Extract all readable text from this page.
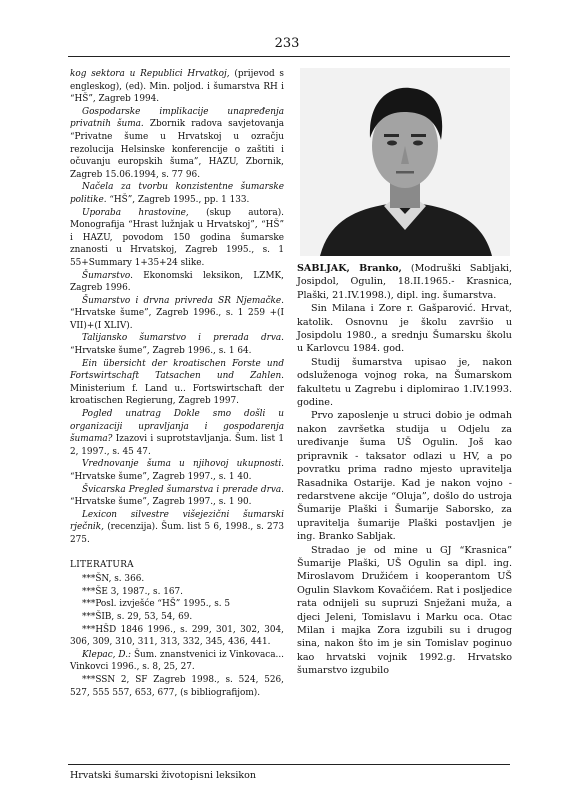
233

kog sektora u Republici Hrvatkoj, (prijevod s engleskog), (ed). Min. poljod. i šumarstva RH i “HŠ”, Zagreb 1994.

Gospodarske implikacije unapređenja privatnih šuma. Zbornik radova savjetovanja “Privatne šume u Hrvatskoj u ozračju rezolucija Helsinske konferencije o zaštiti i očuvanju europskih šuma”, HAZU, Zbornik, Zagreb 15.06.1994, s. 77 96.

Načela za tvorbu konzistentne šumarske politike. “HŠ”, Zagreb 1995., pp. 1 133.

Uporaba hrastovine, (skup autora). Monografija “Hrast lužnjak u Hrvatskoj”, “HŠ” i HAZU, povodom 150 godina šumarske znanosti u Hrvatskoj, Zagreb 1995., s. 1 55+Summary 1+35+24 slike.

Šumarstvo. Ekonomski leksikon, LZMK, Zagreb 1996.

Šumarstvo i drvna privreda SR Njemačke. “Hrvatske šume”, Zagreb 1996., s. 1 259 +(I VII)+(I XLIV).

Talijansko šumarstvo i prerada drva. “Hrvatske šume”, Zagreb 1996., s. 1 64.

Ein übersicht der kroatischen Forste und Fortswirtschaft Tatsachen und Zahlen. Ministerium f. Land u.. Fortswirtschaft der kroatischen Regierung, Zagreb 1997.

Pogled unatrag Dokle smo došli u organizaciji upravljanja i gospodarenja šumama? Izazovi i suprotstavljanja. Šum. list 1 2, 1997., s. 45 47.

Vrednovanje šuma u njihovoj ukupnosti. “Hrvatske šume”, Zagreb 1997., s. 1 40.

Švicarska Pregled šumarstva i prerade drva. “Hrvatske šume”, Zagreb 1997., s. 1 90.

Lexicon silvestre višejezični šumarski rječnik, (recenzija). Šum. list 5 6, 1998., s. 273 275.

LITERATURA

***ŠN, s. 366.

***ŠE 3, 1987., s. 167.

***Posl. izvješće “HŠ” 1995., s. 5

***ŠIB, s. 29, 53, 54, 69.

***HŠD 1846 1996., s. 299, 301, 302, 304, 306, 309, 310, 311, 313, 332, 345, 436, 441.

Klepac, D.: Šum. znanstvenici iz Vinkovaca... Vinkovci 1996., s. 8, 25, 27.

***SSN 2, SF Zagreb 1998., s. 524, 526, 527, 555 557, 653, 677, (s bibliografijom).

SABLJAK, Branko, (Modruški Sabljaki, Josipdol, Ogulin, 18.II.1965.- Krasnica, Plaški, 21.IV.1998.), dipl. ing. šumarstva.

Sin Milana i Zore r. Gašparović. Hrvat, katolik. Osnovnu je školu završio u Josipdolu 1980., a srednju Šumarsku školu u Karlovcu 1984. god.

Studij šumarstva upisao je, nakon odsluženoga vojnog roka, na Šumarskom fakultetu u Zagrebu i diplomirao 1.IV.1993. godine.

Prvo zaposlenje u struci dobio je odmah nakon završetka studija u Odjelu za uređivanje šuma UŠ Ogulin. Još kao pripravnik - taksator odlazi u HV, a po povratku prima radno mjesto upravitelja Rasadnika Ostarije. Kad je nakon vojno - redarstvene akcije “Oluja”, došlo do ustroja Šumarije Plaški i Šumarije Saborsko, za upravitelja šumarije Plaški postavljen je ing. Branko Sabljak.

Stradao je od mine u GJ “Krasnica” Šumarije Plaški, UŠ Ogulin sa dipl. ing. Miroslavom Družićem i kooperantom UŠ Ogulin Slavkom Kovačićem. Rat i posljedice rata odnijeli su supruzi Snježani muža, a djeci Jeleni, Tomislavu i Marku oca. Otac Milan i majka Zora izgubili su i drugog sina, nakon što im je sin Tomislav poginuo kao hrvatski vojnik 1992.g. Hrvatsko šumarstvo izgubilo

Hrvatski šumarski životopisni leksikon
